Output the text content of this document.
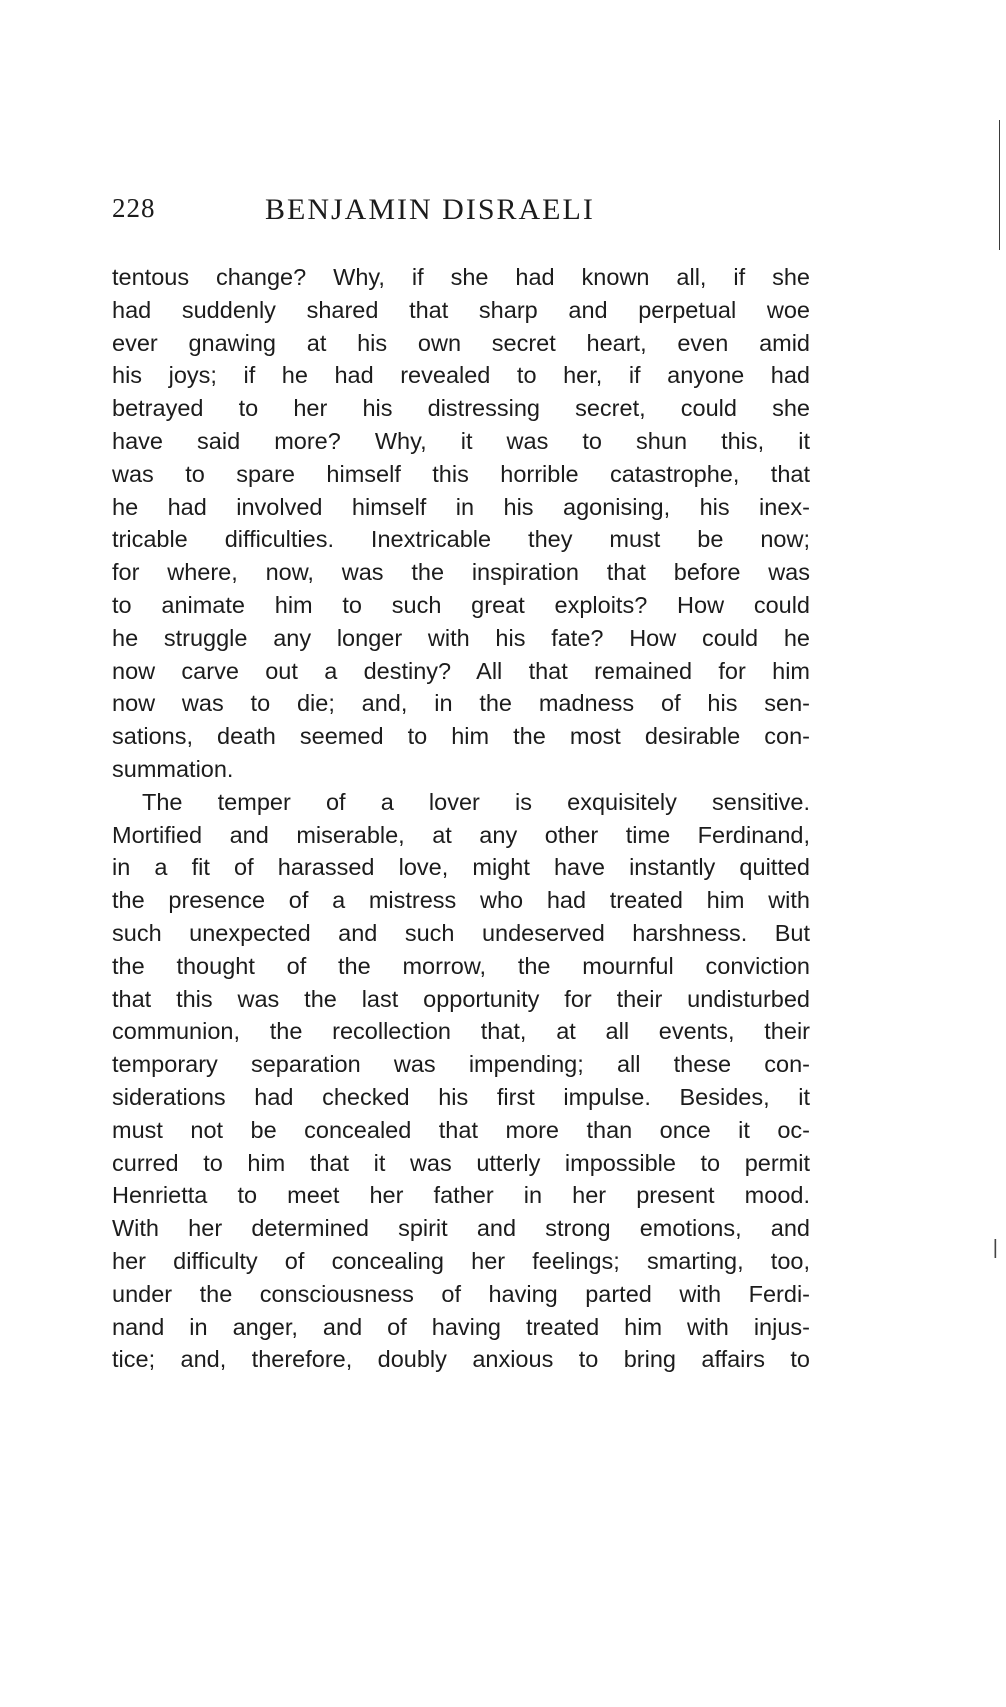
|
228	BENJAMIN DISRAELI
tentous change? Why, if she had known all, if she
had suddenly shared that sharp and perpetual woe
ever gnawing at his own secret heart, even amid
his joys; if he had revealed to her, if anyone had
betrayed to her his distressing secret, could she
have said more? Why, it was to shun this, it
was to spare himself this horrible catastrophe, that
he had involved himself in his agonising, his inex-
tricable difficulties. Inextricable they must be now;
for where, now, was the inspiration that before was
to animate him to such great exploits? How could
he struggle any longer with his fate? How could he
now carve out a destiny? All that remained for him
now was to die; and, in the madness of his sen-
sations, death seemed to him the most desirable con-
summation.
The temper of a lover is exquisitely sensitive.
Mortified and miserable, at any other time Ferdinand,
in a fit of harassed love, might have instantly quitted
the presence of a mistress who had treated him with
such unexpected and such undeserved harshness. But
the thought of the morrow, the mournful conviction
that this was the last opportunity for their undisturbed
communion, the recollection that, at all events, their
temporary separation was impending; all these con-
siderations had checked his first impulse. Besides, it
must not be concealed that more than once it oc-
curred to him that it was utterly impossible to permit
Henrietta to meet her father in her present mood.
With her determined spirit and strong emotions, and
her difficulty of concealing her feelings; smarting, too,
under the consciousness of having parted with Ferdi-
nand in anger, and of having treated him with injus-
tice; and, therefore, doubly anxious to bring affairs to
